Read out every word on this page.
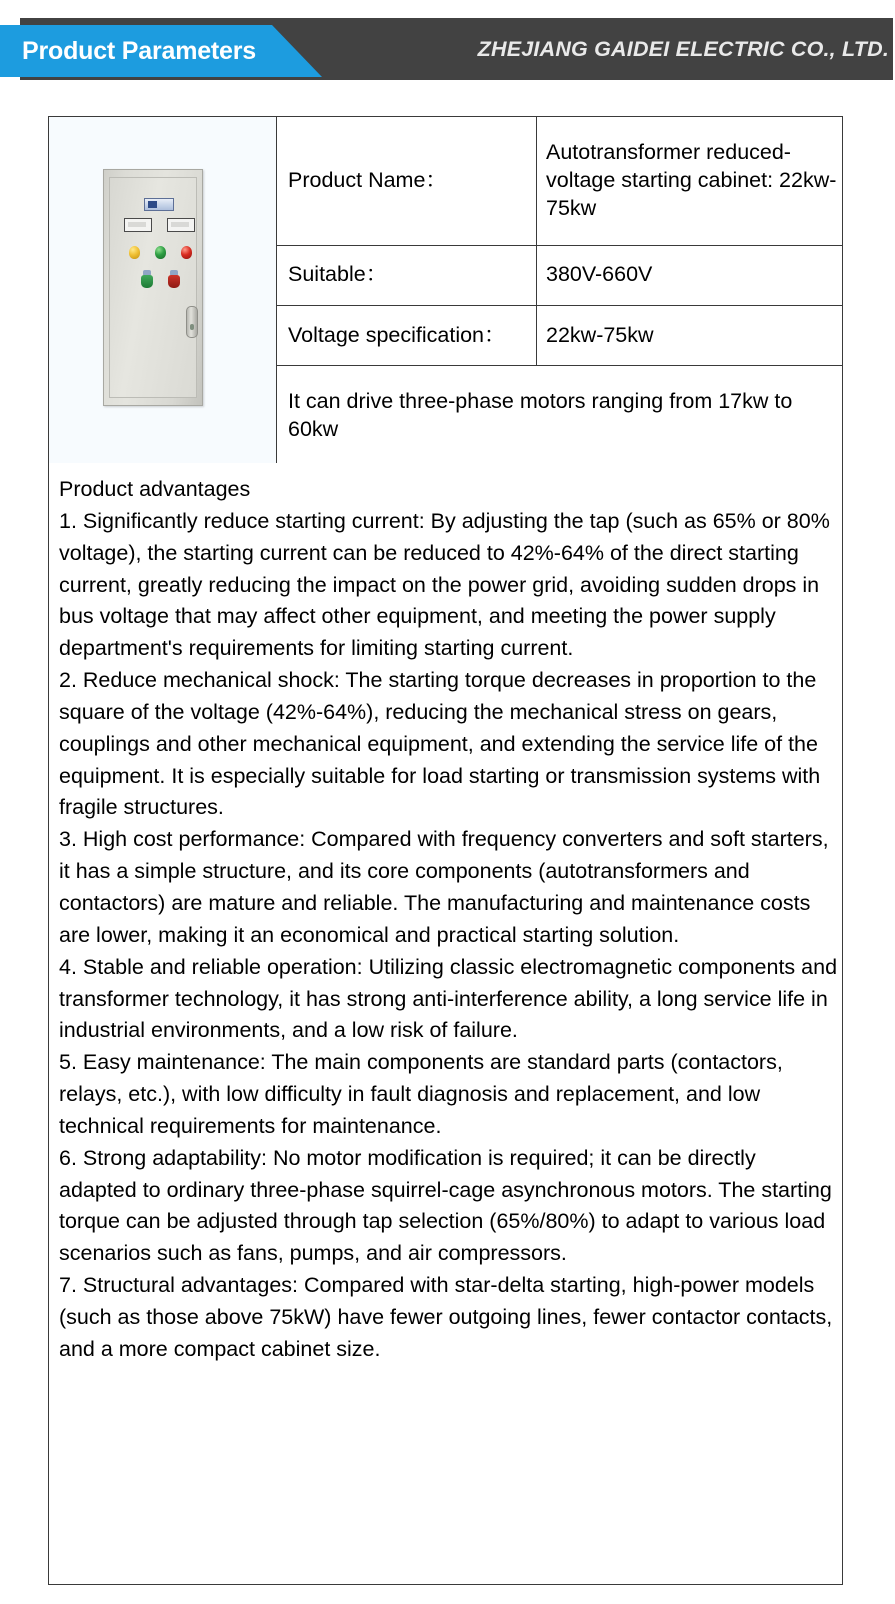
ZHEJIANG GAIDEI ELECTRIC CO., LTD.
Product Parameters
	Product Name：	Autotransformer reduced-voltage starting cabinet: 22kw-75kw
	Suitable：	380V-660V
	Voltage specification：	22kw-75kw
	It can drive three-phase motors ranging from 17kw to 60kw	

Product advantages

1. Significantly reduce starting current: By adjusting the tap (such as 65% or 80% voltage), the starting current can be reduced to 42%-64% of the direct starting current, greatly reducing the impact on the power grid, avoiding sudden drops in bus voltage that may affect other equipment, and meeting the power supply department's requirements for limiting starting current.

2. Reduce mechanical shock: The starting torque decreases in proportion to the square of the voltage (42%-64%), reducing the mechanical stress on gears, couplings and other mechanical equipment, and extending the service life of the equipment. It is especially suitable for load starting or transmission systems with fragile structures.

3. High cost performance: Compared with frequency converters and soft starters, it has a simple structure, and its core components (autotransformers and contactors) are mature and reliable. The manufacturing and maintenance costs are lower, making it an economical and practical starting solution.

4. Stable and reliable operation: Utilizing classic electromagnetic components and transformer technology, it has strong anti-interference ability, a long service life in industrial environments, and a low risk of failure.

5. Easy maintenance: The main components are standard parts (contactors, relays, etc.), with low difficulty in fault diagnosis and replacement, and low technical requirements for maintenance.

6. Strong adaptability: No motor modification is required; it can be directly adapted to ordinary three-phase squirrel-cage asynchronous motors. The starting torque can be adjusted through tap selection (65%/80%) to adapt to various load scenarios such as fans, pumps, and air compressors.

7. Structural advantages: Compared with star-delta starting, high-power models (such as those above 75kW) have fewer outgoing lines, fewer contactor contacts, and a more compact cabinet size.
